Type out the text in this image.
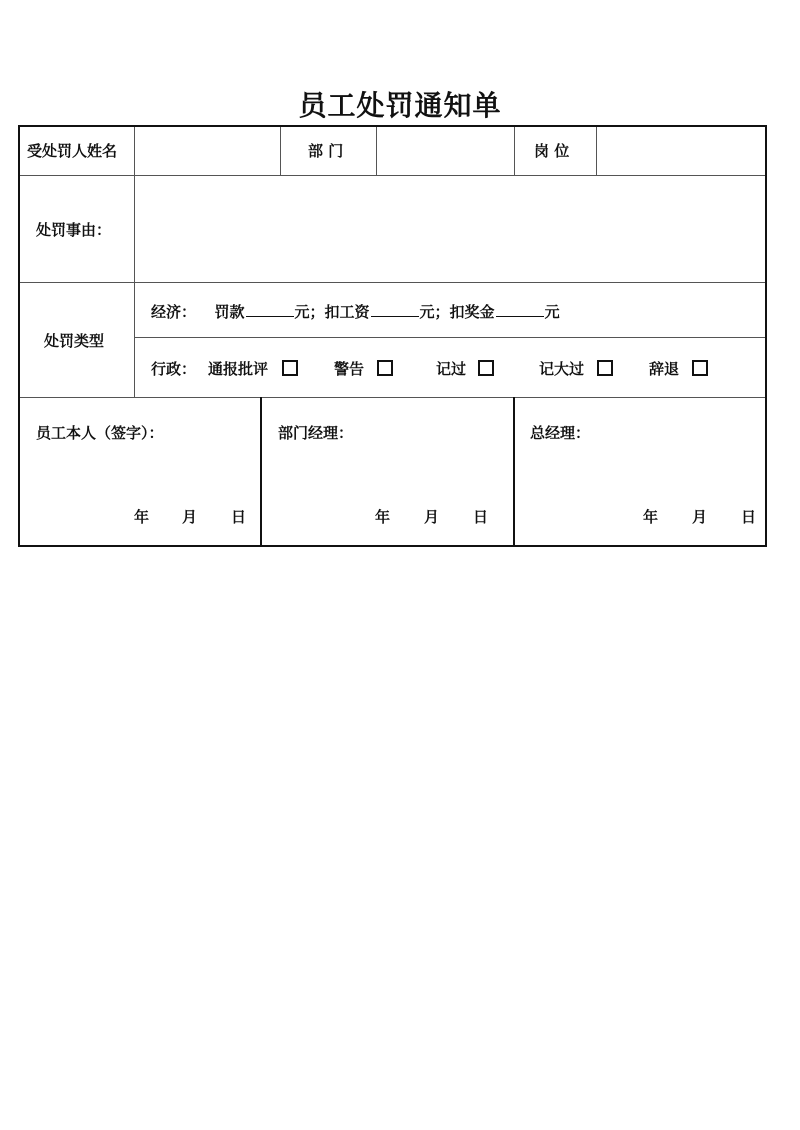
员工处罚通知单
受处罚人姓名	部 门	岗 位
处罚事由：
处罚类型
经济： 罚款	元；扣工资	元；扣奖金	元
行政： 通报批评	警告	记过	记大过	辞退
员工本人（签字）：
年 月 日
部门经理：
年 月 日
总经理：
年 月 日
